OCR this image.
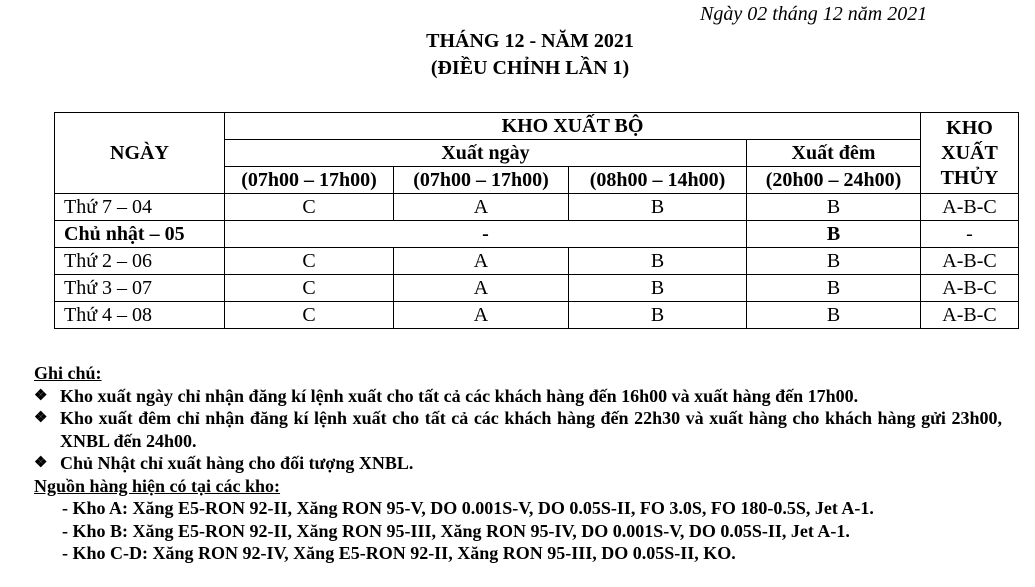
Ngày 02 tháng 12 năm 2021
THÁNG 12 - NĂM 2021
(ĐIỀU CHỈNH LẦN 1)
NGÀY	KHO XUẤT BỘ				KHO XUẤT THỦY
	Xuất ngày			Xuất đêm	
	(07h00 – 17h00)	(07h00 – 17h00)	(08h00 – 14h00)	(20h00 – 24h00)	
Thứ 7 – 04	C	A	B	B	A-B-C
Chủ nhật – 05	-			B	-
Thứ 2 – 06	C	A	B	B	A-B-C
Thứ 3 – 07	C	A	B	B	A-B-C
Thứ 4 – 08	C	A	B	B	A-B-C

Ghi chú:

❖ Kho xuất ngày chỉ nhận đăng kí lệnh xuất cho tất cả các khách hàng đến 16h00 và xuất hàng đến 17h00.
❖ Kho xuất đêm chỉ nhận đăng kí lệnh xuất cho tất cả các khách hàng đến 22h30 và xuất hàng cho khách hàng gửi 23h00, XNBL đến 24h00.
❖ Chủ Nhật chỉ xuất hàng cho đối tượng XNBL.

Nguồn hàng hiện có tại các kho:

- Kho A: Xăng E5-RON 92-II, Xăng RON 95-V, DO 0.001S-V, DO 0.05S-II, FO 3.0S, FO 180-0.5S, Jet A-1.

- Kho B: Xăng E5-RON 92-II, Xăng RON 95-III, Xăng RON 95-IV, DO 0.001S-V, DO 0.05S-II, Jet A-1.

- Kho C-D: Xăng RON 92-IV, Xăng E5-RON 92-II, Xăng RON 95-III, DO 0.05S-II, KO.
